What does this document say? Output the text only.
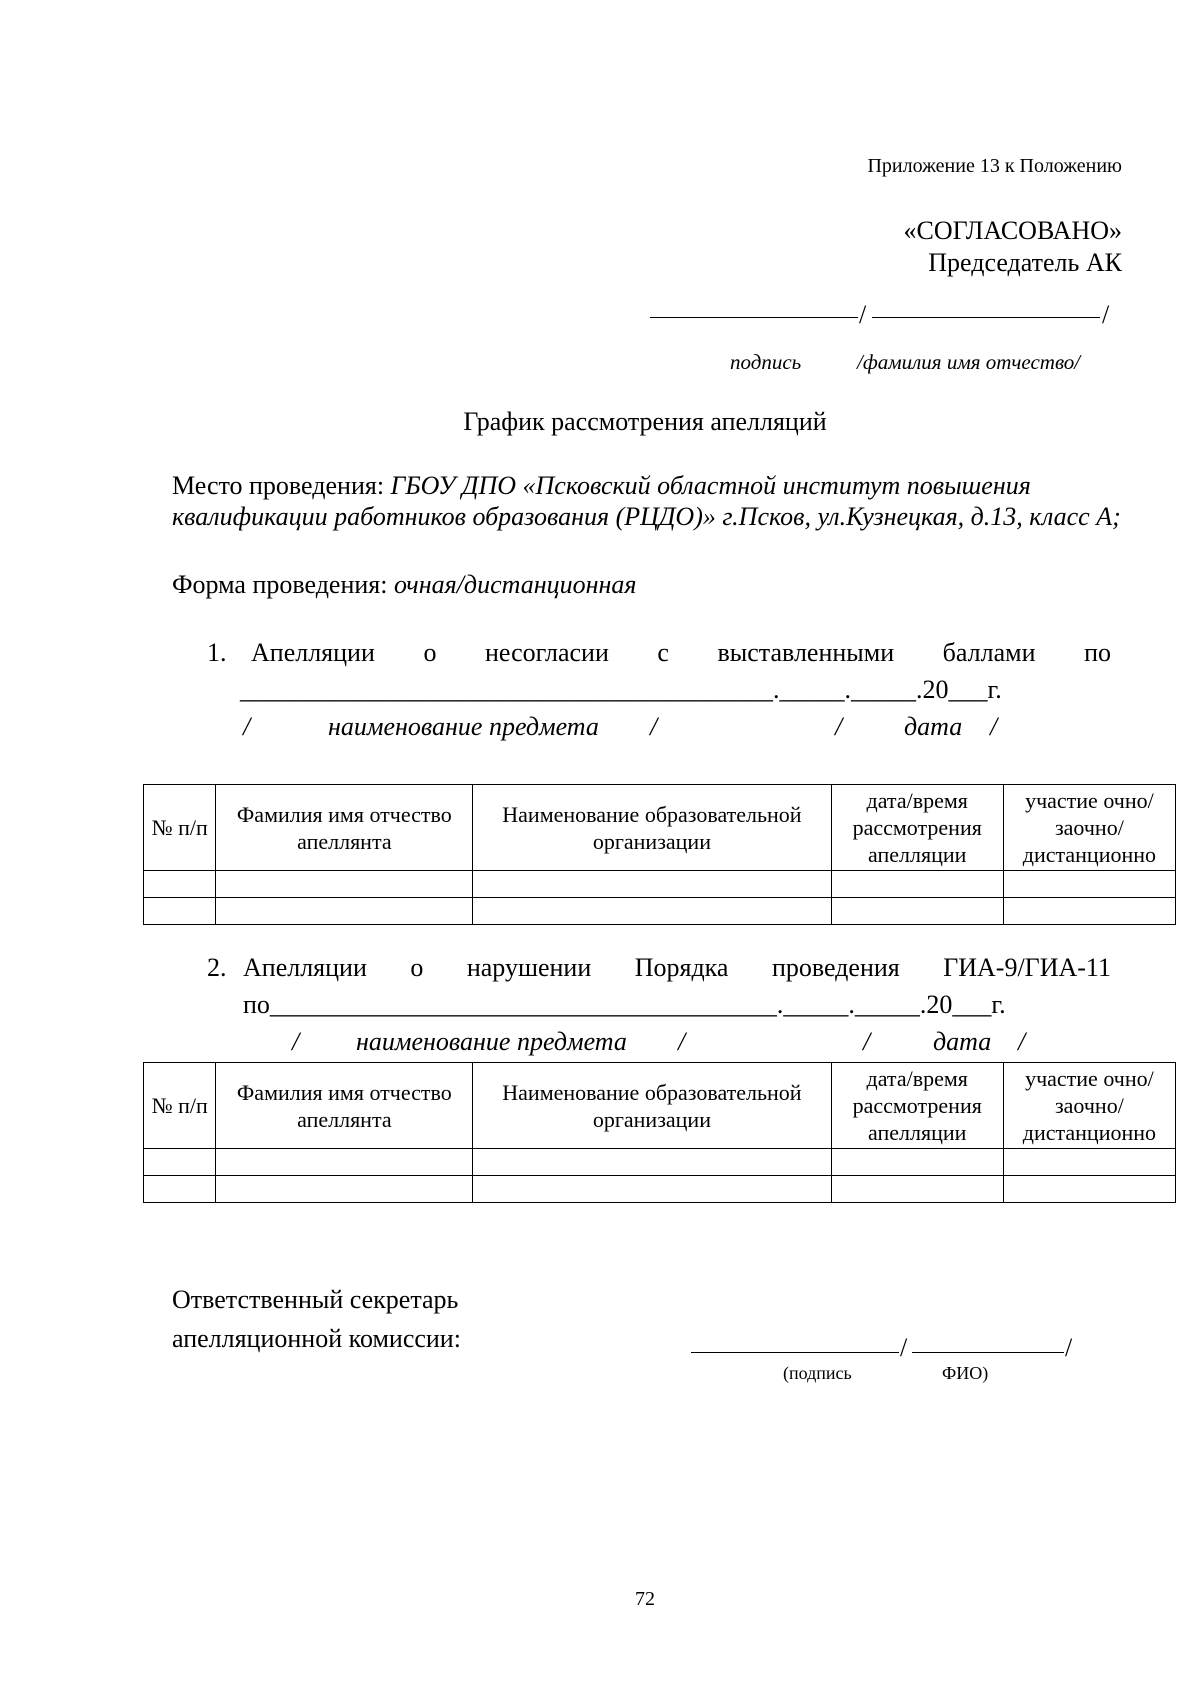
Приложение 13 к Положению
«СОГЛАСОВАНО»
Председатель АК
/	/
подпись	/фамилия имя отчество/
График рассмотрения апелляций
Место проведения: ГБОУ ДПО «Псковский областной институт повышения квалификации работников образования (РЦДО)» г.Псков, ул.Кузнецкая, д.13, класс А;
Форма проведения: очная/дистанционная
1. Апелляции о несогласии с выставленными баллами по
_________________________________________._____._____.20___г.
/	наименование предмета /	/ дата /
№ п/п	Фамилия имя отчество апеллянта	Наименование образовательной организации	дата/время рассмотрения апелляции	участие очно/заочно/дистанционно

2. Апелляции о нарушении Порядка проведения ГИА-9/ГИА-11
по_______________________________________._____._____.20___г.
/ наименование предмета /	/ дата /
№ п/п	Фамилия имя отчество апеллянта	Наименование образовательной организации	дата/время рассмотрения апелляции	участие очно/заочно/дистанционно

Ответственный секретарь
апелляционной комиссии:	/	/
(подпись	ФИО)
72
